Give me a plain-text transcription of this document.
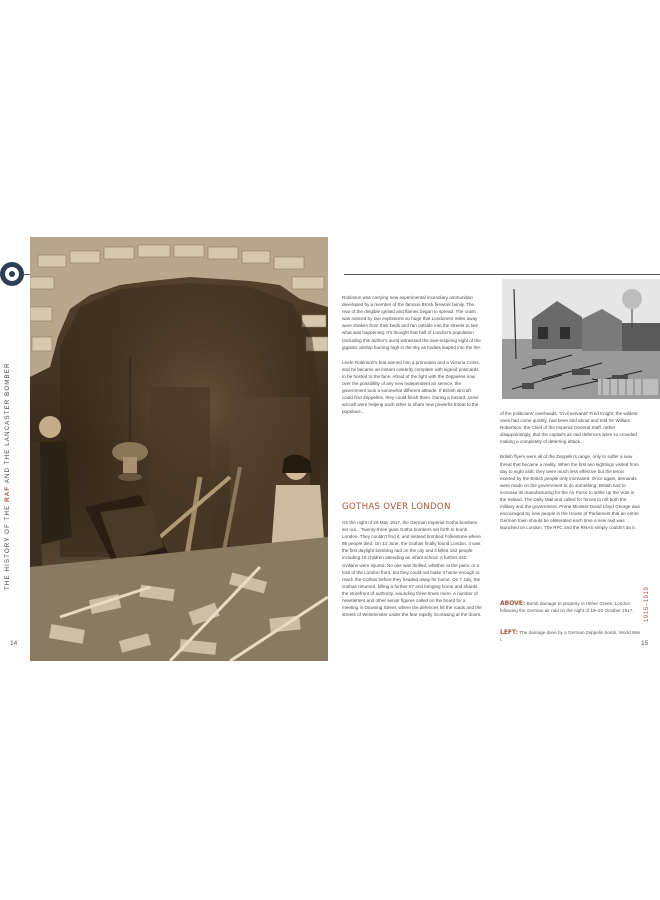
THE HISTORY OF THE RAF AND THE LANCASTER BOMBER
14	15

Robinson was carrying new experimental incendiary ammunition developed by a member of the famous Brock firework family. The rear of the dirigible ignited and flames began to spread. The crash was noticed by two explosions so huge that Londoners miles away were shaken from their beds and ran outside into the streets to see what was happening. It's thought that half of London's population (including this author's aunt) witnessed the awe-inspiring sight of the gigantic airship burning high in the sky as bodies leaped into the fire.

Leefe Robinson's feat earned him a promotion and a Victoria Cross, and he became an instant celebrity complete with signed postcards to be hosted to the fans. Afraid of the fight with the Zeppelins now over the possibility of any new independent air service, the government took a somewhat different attitude. If British aircraft could find Zeppelins, they could finish them. During a hazard, some aircraft were helping each other to share new powerful threat to the populace...

GOTHAS OVER LONDON

On the night of 26 May 1917, the German Imperial Gotha bombers set out... Twenty-three giant Gotha bombers set forth to bomb London. They couldn't find it, and instead bombed Folkestone where 95 people died. On 13 June, the Gothas finally found London. It was the first daylight bombing raid on the city and it killed 162 people including 18 children attending an infant school. A further 432 civilians were injured. No one was thrilled, whether at the panic or a loss of the London front, but they could not make it home enough to reach the Gothas before they headed away for home. On 7 July, the Gothas returned, killing a further 57 and bringing home and shards the storefront of authority, wounding three times more. A number of newsletters and other senior figures called on the board for a meeting in Downing Street, where the defences hit the roads and the streets of Westminster under the fear rapidly increasing at the doors.

of the politicians' overheads. 'Civil servants' Fred Knight: the wildest ones had come quickly, had been told about and told Sir William Robertson, the Chief of the Imperial General Staff, rather disappointingly, that the capital's air raid defences were so crowded making a completely of deterring attack.

British flyers were all of the Zeppelin's range, only to suffer a new threat that became a reality. When the first two sightings visited from day to night aloft, they were much less effective but the terror exerted by the British people only increased. Once again, demands were made on the government to do something. British had to increase its manufacturing for the Air Force to strike up the Vote in the Ireland. The Daily Mail and called for forces to roll both the military and the government. Prime Minister David Lloyd George was encouraged by new people in the House of Parliament that an entire German town should be obliterated each time a new raid was launched on London. The RFC and the RNAS simply couldn't do it.

ABOVE: Bomb damage to property in Hither Green, London, following the German air raid on the night of 19–20 October 1917.
LEFT: The damage done by a German Zeppelin bomb, World War I.
1915–1919
